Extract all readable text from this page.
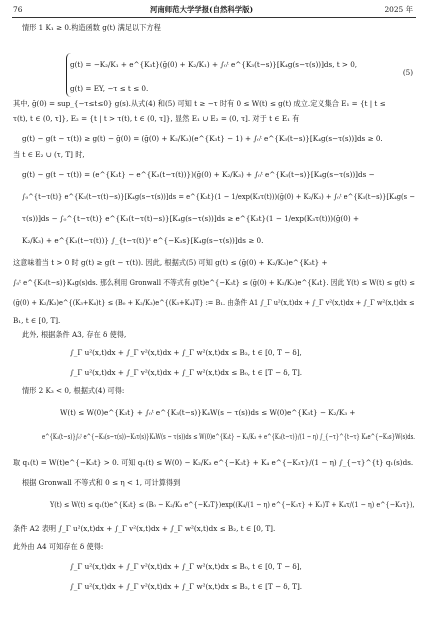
76	河南师范大学学报(自然科学版)	2025 年
(5)
情形 1 K₁ ≥ 0.构造函数 g(t) 满足以下方程
g(t) = −K₂/K₁ + e^{K₃t}(ḡ(0) + K₂/K₁) + ∫₀ᵗ e^{K₃(t−s)}[K₄g(s−τ(s))]ds, t > 0,
g(t) = EY, −τ ≤ t ≤ 0.
其中, ḡ(0) = sup_{−τ≤t≤0} g(s).从式(4) 和(5) 可知 t ≥ −τ 时有 0 ≤ W(t) ≤ g(t) 成立.定义集合 E₁ = {t | t ≤
τ(t), t ∈ (0, τ]}, E₂ = {t | t > τ(t), t ∈ (0, τ]}, 显然 E₁ ∪ E₂ = (0, τ]. 对于 t ∈ E₁ 有
g(t) − g(t − τ(t)) ≥ g(t) − ḡ(0) = (ḡ(0) + K₂/K₃)(e^{K₃t} − 1) + ∫₀ᵗ e^{K₃(t−s)}[K₄g(s−τ(s))]ds ≥ 0.
当 t ∈ E₂ ∪ (τ, T] 时,
g(t) − g(t − τ(t)) = (e^{K₃t} − e^{K₃(t−τ(t))})(ḡ(0) + K₂/K₃) + ∫₀ᵗ e^{K₃(t−s)}[K₄g(s−τ(s))]ds −
∫₀^{t−τ(t)} e^{K₃(t−τ(t)−s)}[K₄g(s−τ(s))]ds = e^{K₃t}(1 − 1/exp(K₃τ(t)))(ḡ(0) + K₂/K₃) + ∫₀ᵗ e^{K₃(t−s)}[K₄g(s −
τ(s))]ds − ∫₀^{t−τ(t)} e^{K₃(t−τ(t)−s)}[K₄g(s−τ(s))]ds ≥ e^{K₃t}(1 − 1/exp(K₃τ(t)))(ḡ(0) +
K₂/K₃) + e^{K₃(t−τ(t))} ∫_{t−τ(t)}ᵗ e^{−K₃s}[K₄g(s−τ(s))]ds ≥ 0.
这意味着当 t > 0 时 g(t) ≥ g(t − τ(t)). 因此, 根据式(5) 可知 g(t) ≤ (ḡ(0) + K₂/K₃)e^{K₃t} +
∫₀ᵗ e^{K₃(t−s)}K₄g(s)ds. 那么利用 Gronwall 不等式有 g(t)e^{−K₃t} ≤ (ḡ(0) + K₂/K₃)e^{K₄t}. 因此 Y(t) ≤ W(t) ≤ g(t) ≤
(ḡ(0) + K₂/K₃)e^{(K₃+K₄)t} ≤ (B₀ + K₂/K₃)e^{(K₃+K₄)T} := B₁. 由条件 A1 ∫_Γ u²(x,t)dx + ∫_Γ v²(x,t)dx + ∫_Γ w²(x,t)dx ≤
B₁, t ∈ [0, T].
此外, 根据条件 A3, 存在 δ 使得,
∫_Γ u²(x,t)dx + ∫_Γ v²(x,t)dx + ∫_Γ w²(x,t)dx ≤ B₂, t ∈ [0, T − δ],
∫_Γ u²(x,t)dx + ∫_Γ v²(x,t)dx + ∫_Γ w²(x,t)dx ≤ B₀, t ∈ [T − δ, T].
情形 2 K₃ < 0, 根据式(4) 可得:
W(t) ≤ W(0)e^{K₃t} + ∫₀ᵗ e^{K₃(t−s)}K₄W(s − τ(s))ds ≤ W(0)e^{K₃t} − K₂/K₃ +
e^{K₃(t−s)}∫₀ᵗ e^{−K₃(s−τ(s))−K₃τ(s)}K₄W(s − τ(s))ds ≤ W(0)e^{K₃t} − K₂/K₃ + e^{K₃(t−τ)}/(1 − η) ∫_{−τ}^{t−τ} K₄e^{−K₃s}W(s)ds.
取 q₁(t) = W(t)e^{−K₃t} > 0. 可知 q₁(t) ≤ W(0) − K₂/K₃ e^{−K₃t} + K₄ e^{−K₃τ}/(1 − η) ∫_{−τ}^{t} q₁(s)ds.
根据 Gronwall 不等式和 0 ≤ η < 1, 可计算得到
Y(t) ≤ W(t) ≤ q₁(t)e^{K₃t} ≤ (B₀ − K₂/K₃ e^{−K₃T})exp((K₄/(1 − η) e^{−K₃τ} + K₃)T + K₄τ/(1 − η) e^{−K₃τ}),
条件 A2 表明 ∫_Γ u²(x,t)dx + ∫_Γ v²(x,t)dx + ∫_Γ w²(x,t)dx ≤ B₂, t ∈ [0, T].
此外由 A4 可知存在 δ 使得:
∫_Γ u²(x,t)dx + ∫_Γ v²(x,t)dx + ∫_Γ w²(x,t)dx ≤ B₀, t ∈ [0, T − δ],
∫_Γ u²(x,t)dx + ∫_Γ v²(x,t)dx + ∫_Γ w²(x,t)dx ≤ B₂, t ∈ [T − δ, T].
